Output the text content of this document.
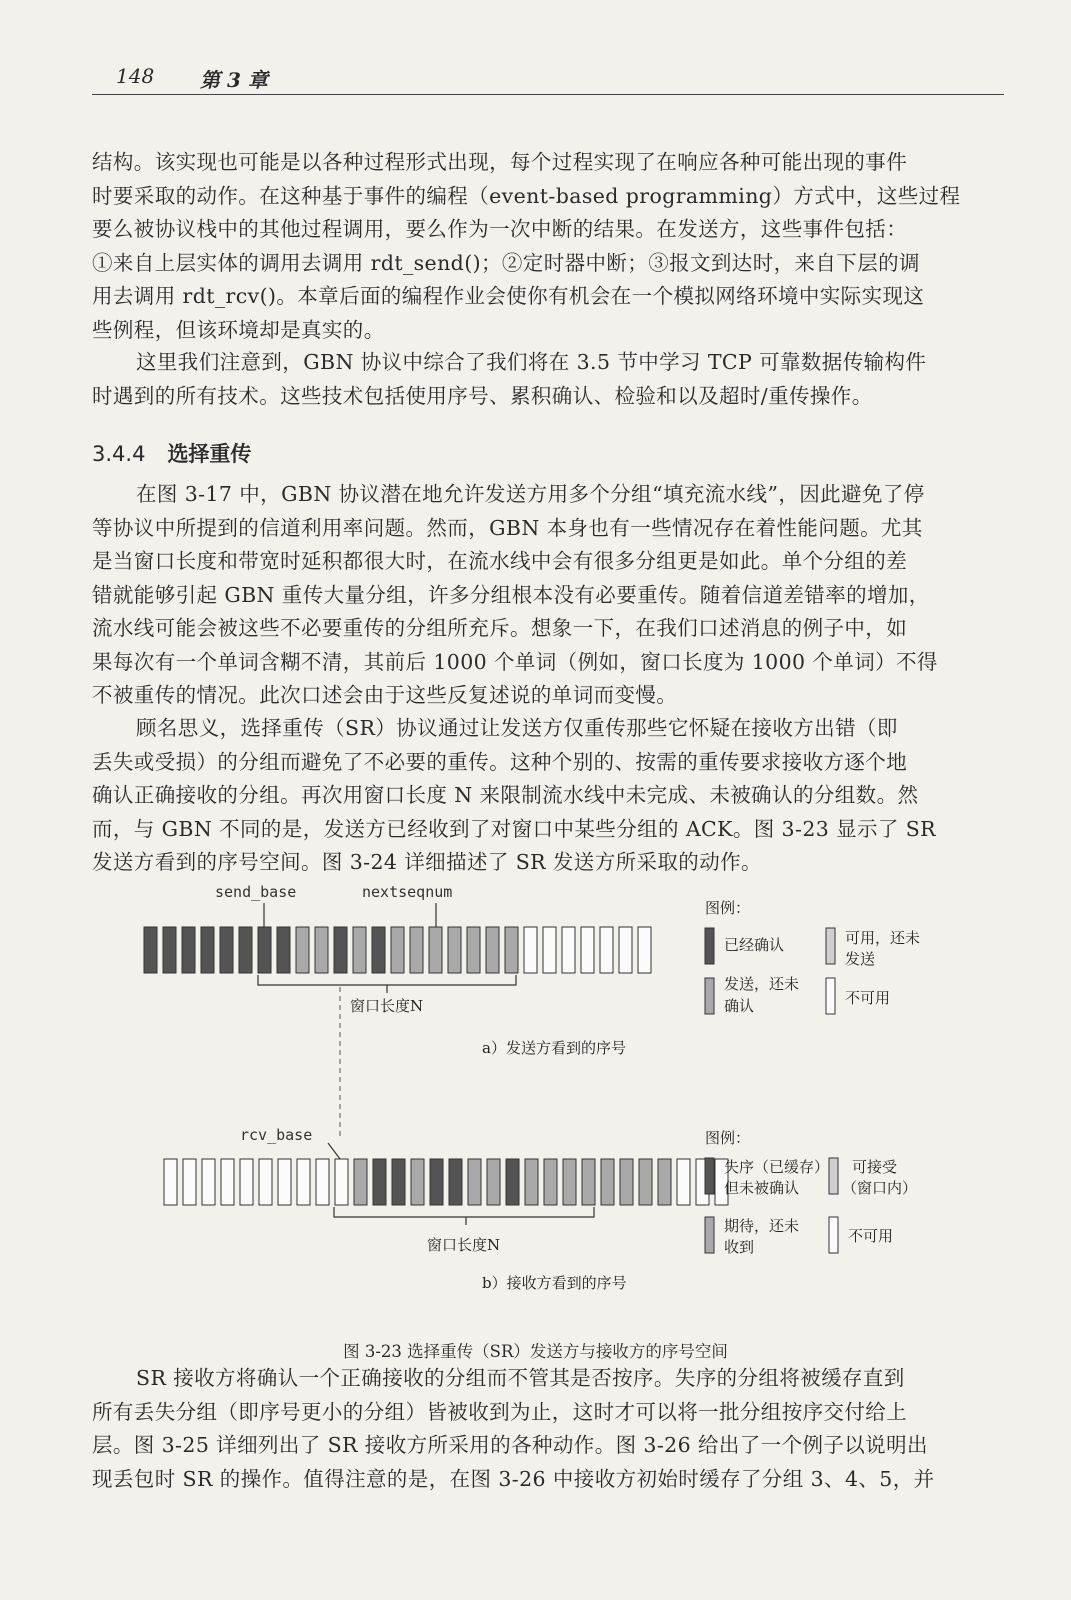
148 第 3 章

结构。该实现也可能是以各种过程形式出现，每个过程实现了在响应各种可能出现的事件
时要采取的动作。在这种基于事件的编程（event-based programming）方式中，这些过程
要么被协议栈中的其他过程调用，要么作为一次中断的结果。在发送方，这些事件包括：
①来自上层实体的调用去调用 rdt_send()；②定时器中断；③报文到达时，来自下层的调
用去调用 rdt_rcv()。本章后面的编程作业会使你有机会在一个模拟网络环境中实际实现这
些例程，但该环境却是真实的。

这里我们注意到，GBN 协议中综合了我们将在 3.5 节中学习 TCP 可靠数据传输构件
时遇到的所有技术。这些技术包括使用序号、累积确认、检验和以及超时/重传操作。

3.4.4 选择重传

在图 3-17 中，GBN 协议潜在地允许发送方用多个分组“填充流水线”，因此避免了停
等协议中所提到的信道利用率问题。然而，GBN 本身也有一些情况存在着性能问题。尤其
是当窗口长度和带宽时延积都很大时，在流水线中会有很多分组更是如此。单个分组的差
错就能够引起 GBN 重传大量分组，许多分组根本没有必要重传。随着信道差错率的增加，
流水线可能会被这些不必要重传的分组所充斥。想象一下，在我们口述消息的例子中，如
果每次有一个单词含糊不清，其前后 1000 个单词（例如，窗口长度为 1000 个单词）不得
不被重传的情况。此次口述会由于这些反复述说的单词而变慢。

顾名思义，选择重传（SR）协议通过让发送方仅重传那些它怀疑在接收方出错（即
丢失或受损）的分组而避免了不必要的重传。这种个别的、按需的重传要求接收方逐个地
确认正确接收的分组。再次用窗口长度 N 来限制流水线中未完成、未被确认的分组数。然
而，与 GBN 不同的是，发送方已经收到了对窗口中某些分组的 ACK。图 3-23 显示了 SR
发送方看到的序号空间。图 3-24 详细描述了 SR 发送方所采取的动作。

send_base	nextseqnum
窗口长度N
a）发送方看到的序号
图例：
已经确认	可用，还未
发送
发送，还未
确认	不可用
rcv_base
窗口长度N
b）接收方看到的序号
图例：
失序（已缓存）
但未被确认
可接受
（窗口内）
期待，还未
收到
不可用
图 3-23 选择重传（SR）发送方与接收方的序号空间

SR 接收方将确认一个正确接收的分组而不管其是否按序。失序的分组将被缓存直到
所有丢失分组（即序号更小的分组）皆被收到为止，这时才可以将一批分组按序交付给上
层。图 3-25 详细列出了 SR 接收方所采用的各种动作。图 3-26 给出了一个例子以说明出
现丢包时 SR 的操作。值得注意的是，在图 3-26 中接收方初始时缓存了分组 3、4、5，并
